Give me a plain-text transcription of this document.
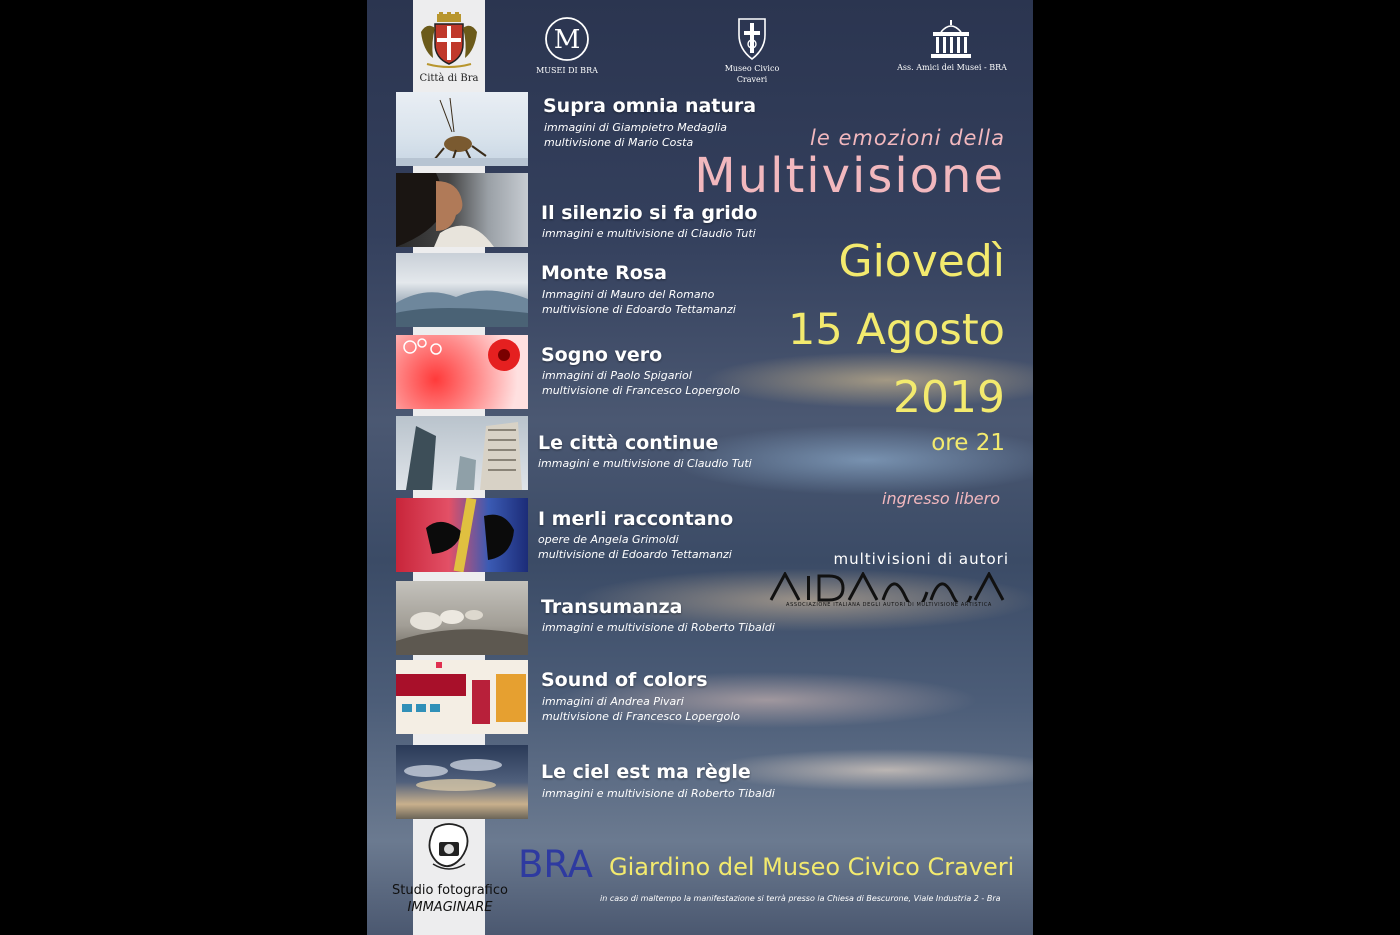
Città di Bra
M
MUSEI DI BRA	Museo Civico
Craveri
Ass. Amici dei Musei - BRA
le emozioni della
Multivisione
Giovedì
15 Agosto
2019
ore 21
ingresso libero
multivisioni di autori
ASSOCIAZIONE ITALIANA DEGLI AUTORI DI MULTIVISIONE ARTISTICA
Supra omnia natura
immagini di Giampietro Medaglia
multivisione di Mario Costa
Il silenzio si fa grido
immagini e multivisione di Claudio Tuti
Monte Rosa
Immagini di Mauro del Romano
multivisione di Edoardo Tettamanzi
Sogno vero
immagini di Paolo Spigariol
multivisione di Francesco Lopergolo
Le città continue
immagini e multivisione di Claudio Tuti
I merli raccontano
opere de Angela Grimoldi
multivisione di Edoardo Tettamanzi
Transumanza
immagini e multivisione di Roberto Tibaldi
Sound of colors
immagini di Andrea Pivari
multivisione di Francesco Lopergolo
Le ciel est ma règle
immagini e multivisione di Roberto Tibaldi
Studio fotografico
IMMAGINARE
BRA Giardino del Museo Civico Craveri
in caso di maltempo la manifestazione si terrà presso la Chiesa di Bescurone, Viale Industria 2 - Bra
